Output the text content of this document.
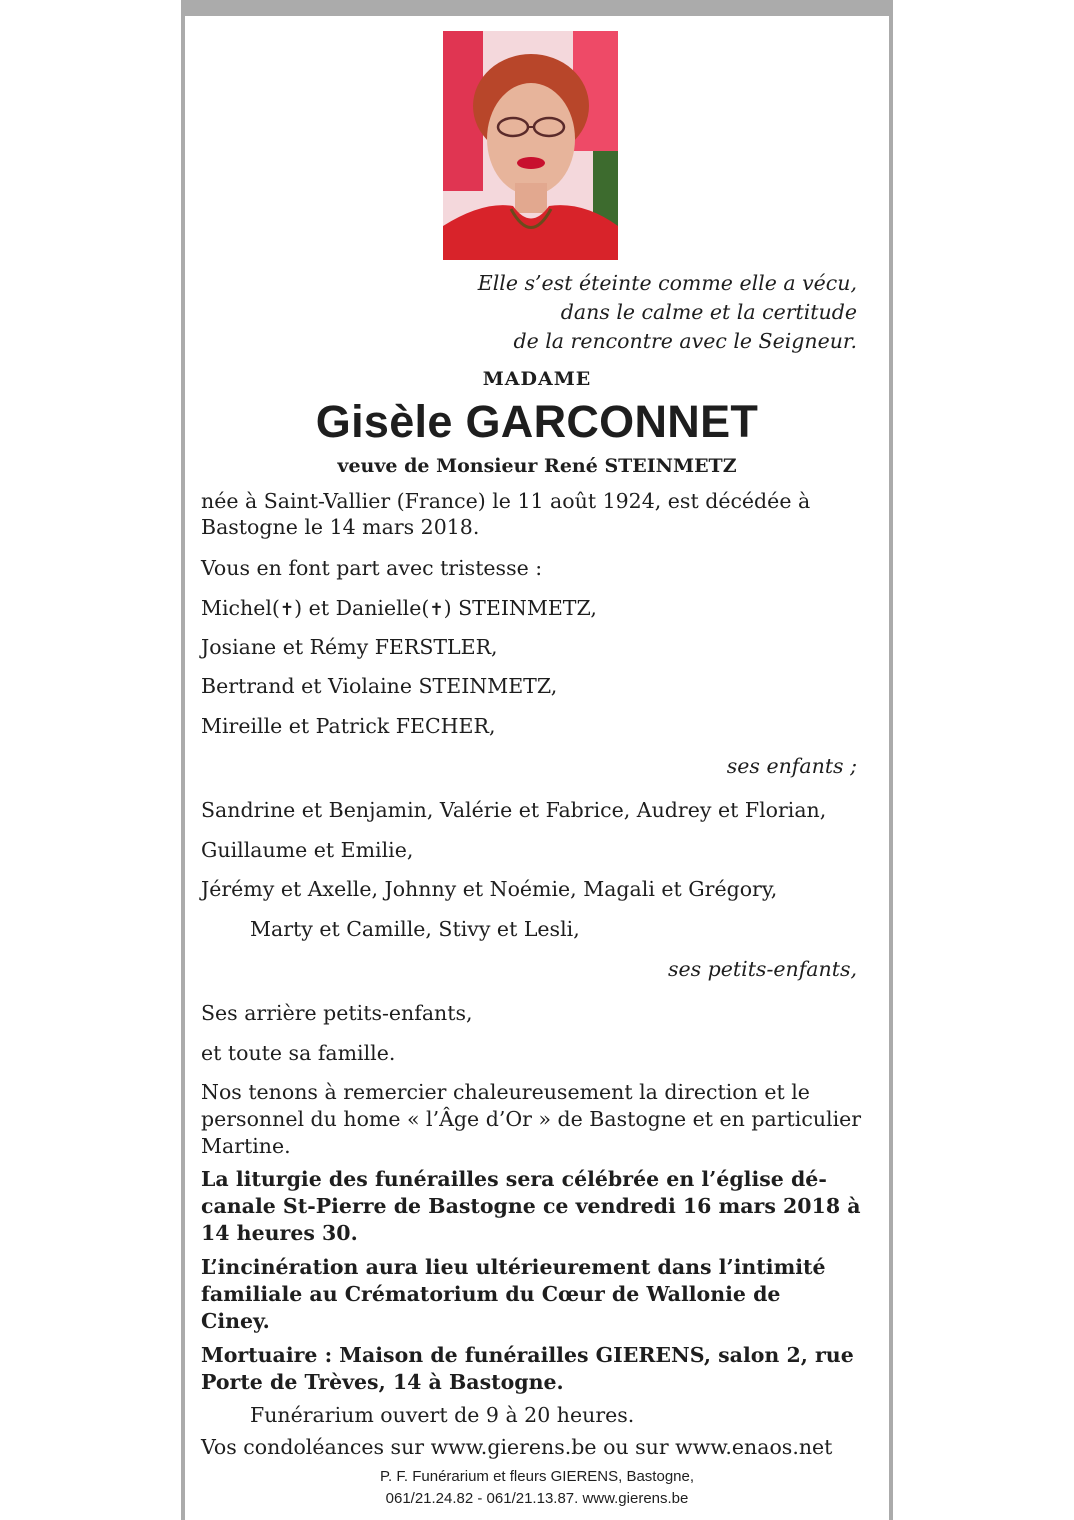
Elle s’est éteinte comme elle a vécu,
dans le calme et la certitude
de la rencontre avec le Seigneur.
MADAME
Gisèle GARCONNET
veuve de Monsieur René STEINMETZ
née à Saint-Vallier (France) le 11 août 1924, est décédée à
Bastogne le 14 mars 2018.
Vous en font part avec tristesse :
Michel(✝) et Danielle(✝) STEINMETZ,
Josiane et Rémy FERSTLER,
Bertrand et Violaine STEINMETZ,
Mireille et Patrick FECHER,
ses enfants ;
Sandrine et Benjamin, Valérie et Fabrice, Audrey et Florian,
Guillaume et Emilie,
Jérémy et Axelle, Johnny et Noémie, Magali et Grégory,
Marty et Camille, Stivy et Lesli,
ses petits-enfants,
Ses arrière petits-enfants,
et toute sa famille.
Nos tenons à remercier chaleureusement la direction et le
personnel du home « l’Âge d’Or » de Bastogne et en particulier
Martine.
La liturgie des funérailles sera célébrée en l’église dé-
canale St-Pierre de Bastogne ce vendredi 16 mars 2018 à
14 heures 30.
L’incinération aura lieu ultérieurement dans l’intimité
familiale au Crématorium du Cœur de Wallonie de
Ciney.
Mortuaire : Maison de funérailles GIERENS, salon 2, rue
Porte de Trèves, 14 à Bastogne.
Funérarium ouvert de 9 à 20 heures.
Vos condoléances sur www.gierens.be ou sur www.enaos.net
P. F. Funérarium et fleurs GIERENS, Bastogne,
061/21.24.82 - 061/21.13.87. www.gierens.be
